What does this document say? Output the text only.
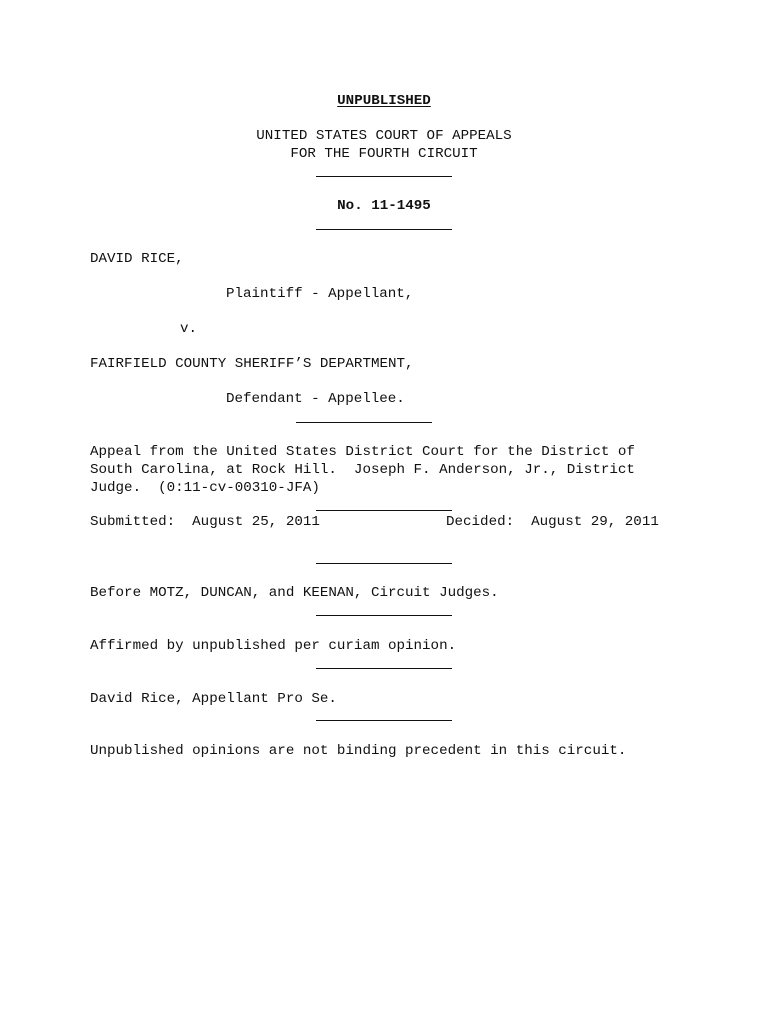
UNPUBLISHED
UNITED STATES COURT OF APPEALS
FOR THE FOURTH CIRCUIT
No. 11-1495
DAVID RICE,
Plaintiff - Appellant,
v.
FAIRFIELD COUNTY SHERIFF’S DEPARTMENT,
Defendant - Appellee.
Appeal from the United States District Court for the District of
South Carolina, at Rock Hill.  Joseph F. Anderson, Jr., District
Judge.  (0:11-cv-00310-JFA)
Submitted:  August 25, 2011	Decided:  August 29, 2011
Before MOTZ, DUNCAN, and KEENAN, Circuit Judges.
Affirmed by unpublished per curiam opinion.
David Rice, Appellant Pro Se.
Unpublished opinions are not binding precedent in this circuit.
